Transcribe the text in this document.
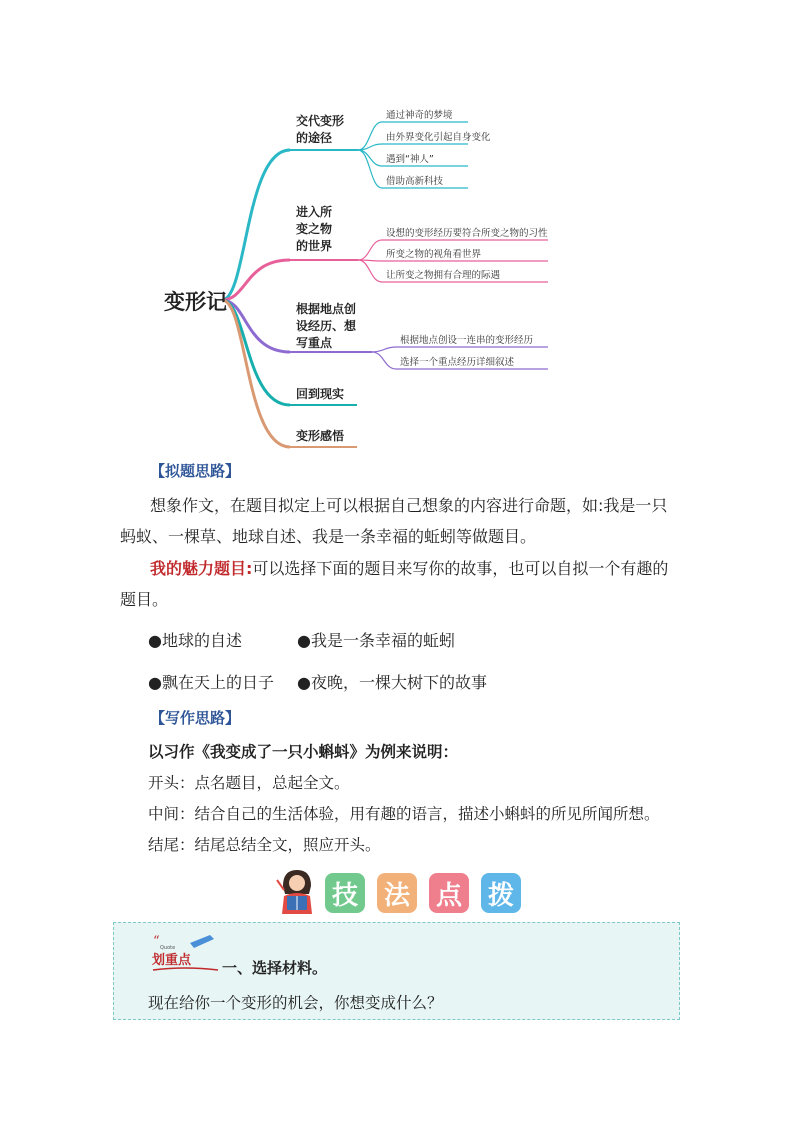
变形记
交代变形
的途径
通过神奇的梦境
由外界变化引起自身变化
遇到“神人”
借助高新科技
进入所
变之物
的世界
设想的变形经历要符合所变之物的习性
所变之物的视角看世界
让所变之物拥有合理的际遇
根据地点创
设经历、想
写重点	根据地点创设一连串的变形经历
选择一个重点经历详细叙述
回到现实
变形感悟
【拟题思路】

想象作文，在题目拟定上可以根据自己想象的内容进行命题，如:我是一只蚂蚁、一棵草、地球自述、我是一条幸福的蚯蚓等做题目。

我的魅力题目:可以选择下面的题目来写你的故事，也可以自拟一个有趣的题目。

●地球的自述	●我是一条幸福的蚯蚓
●飘在天上的日子 ●夜晚，一棵大树下的故事
【写作思路】

以习作《我变成了一只小蝌蚪》为例来说明：

开头：点名题目，总起全文。

中间：结合自己的生活体验，用有趣的语言，描述小蝌蚪的所见所闻所想。

结尾：结尾总结全文，照应开头。

技 法 点 拨
“ Quote
划重点 一、选择材料。
现在给你一个变形的机会，你想变成什么？
